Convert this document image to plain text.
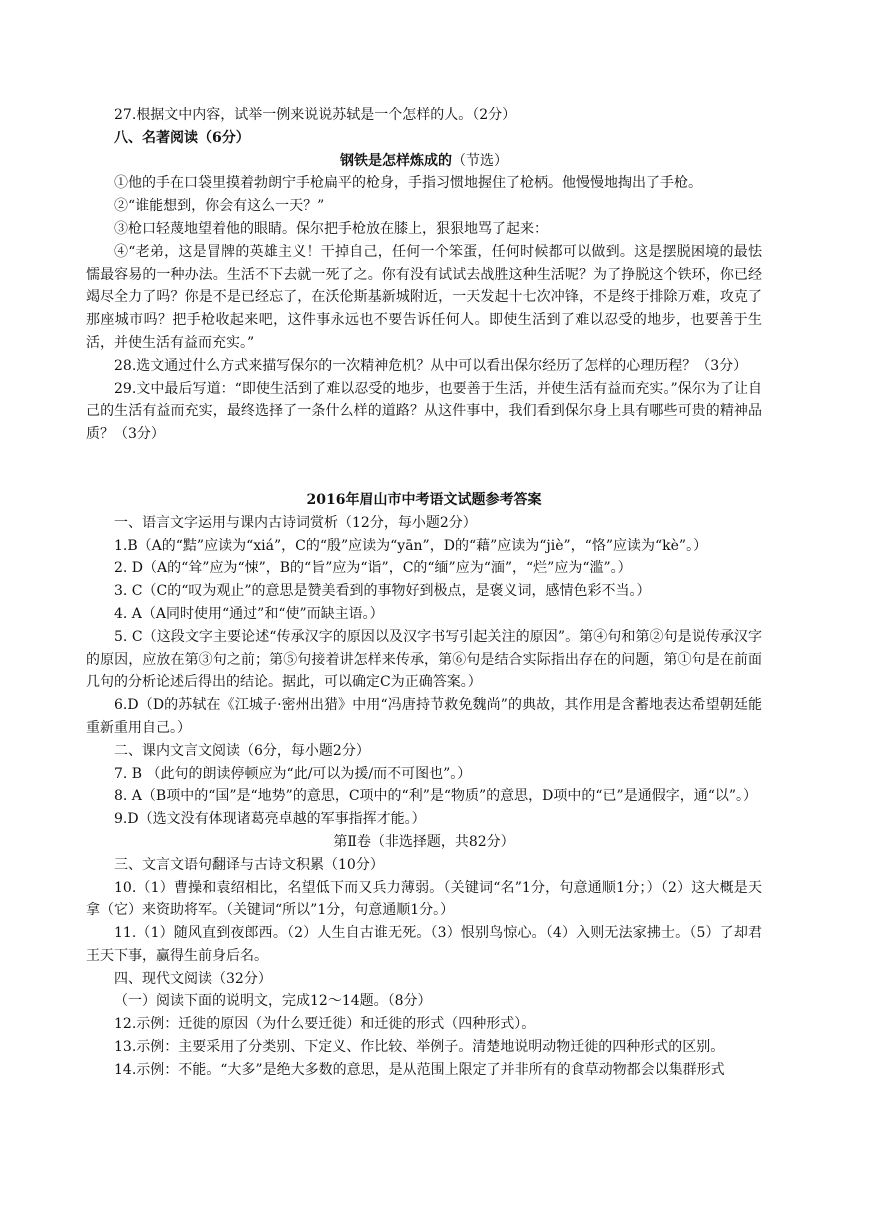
27.根据文中内容，试举一例来说说苏轼是一个怎样的人。（2分）

八、名著阅读（6分）

钢铁是怎样炼成的（节选）

①他的手在口袋里摸着勃朗宁手枪扁平的枪身，手指习惯地握住了枪柄。他慢慢地掏出了手枪。

②“谁能想到，你会有这么一天？”

③枪口轻蔑地望着他的眼睛。保尔把手枪放在膝上，狠狠地骂了起来：

④“老弟，这是冒牌的英雄主义！干掉自己，任何一个笨蛋，任何时候都可以做到。这是摆脱困境的最怯懦最容易的一种办法。生活不下去就一死了之。你有没有试试去战胜这种生活呢？为了挣脱这个铁环，你已经竭尽全力了吗？你是不是已经忘了，在沃伦斯基新城附近，一天发起十七次冲锋，不是终于排除万难，攻克了那座城市吗？把手枪收起来吧，这件事永远也不要告诉任何人。即使生活到了难以忍受的地步，也要善于生活，并使生活有益而充实。”

28.选文通过什么方式来描写保尔的一次精神危机？从中可以看出保尔经历了怎样的心理历程？（3分）

29.文中最后写道：“即使生活到了难以忍受的地步，也要善于生活，并使生活有益而充实。”保尔为了让自己的生活有益而充实，最终选择了一条什么样的道路？从这件事中，我们看到保尔身上具有哪些可贵的精神品质？（3分）

2016年眉山市中考语文试题参考答案

一、语言文字运用与课内古诗词赏析（12分，每小题2分）

1.B（A的“黠”应读为“xiá”，C的“殷”应读为“yān”，D的“藉”应读为“jiè”，“恪”应读为“kè”。）

2. D（A的“耸”应为“悚”，B的“旨”应为“诣”，C的“缅”应为“湎”，“烂”应为“滥”。）

3. C（C的“叹为观止”的意思是赞美看到的事物好到极点，是褒义词，感情色彩不当。）

4. A（A同时使用“通过”和“使”而缺主语。）

5. C（这段文字主要论述“传承汉字的原因以及汉字书写引起关注的原因”。第④句和第②句是说传承汉字的原因，应放在第③句之前；第⑤句接着讲怎样来传承，第⑥句是结合实际指出存在的问题，第①句是在前面几句的分析论述后得出的结论。据此，可以确定C为正确答案。）

6.D（D的苏轼在《江城子·密州出猎》中用“冯唐持节救免魏尚”的典故，其作用是含蓄地表达希望朝廷能重新重用自己。）

二、课内文言文阅读（6分，每小题2分）

7. B （此句的朗读停顿应为“此/可以为援/而不可图也”。）

8. A（B项中的“国”是“地势”的意思，C项中的“利”是“物质”的意思，D项中的“已”是通假字，通“以”。）

9.D（选文没有体现诸葛亮卓越的军事指挥才能。）

第Ⅱ卷（非选择题，共82分）

三、文言文语句翻译与古诗文积累（10分）

10.（1）曹操和袁绍相比，名望低下而又兵力薄弱。（关键词“名”1分，句意通顺1分；）（2）这大概是天拿（它）来资助将军。（关键词“所以”1分，句意通顺1分。）

11.（1）随风直到夜郎西。（2）人生自古谁无死。（3）恨别鸟惊心。（4）入则无法家拂士。（5）了却君王天下事，赢得生前身后名。

四、现代文阅读（32分）

（一）阅读下面的说明文，完成12～14题。（8分）

12.示例：迁徙的原因（为什么要迁徙）和迁徙的形式（四种形式）。

13.示例：主要采用了分类别、下定义、作比较、举例子。清楚地说明动物迁徙的四种形式的区别。

14.示例：不能。“大多”是绝大多数的意思，是从范围上限定了并非所有的食草动物都会以集群形式
